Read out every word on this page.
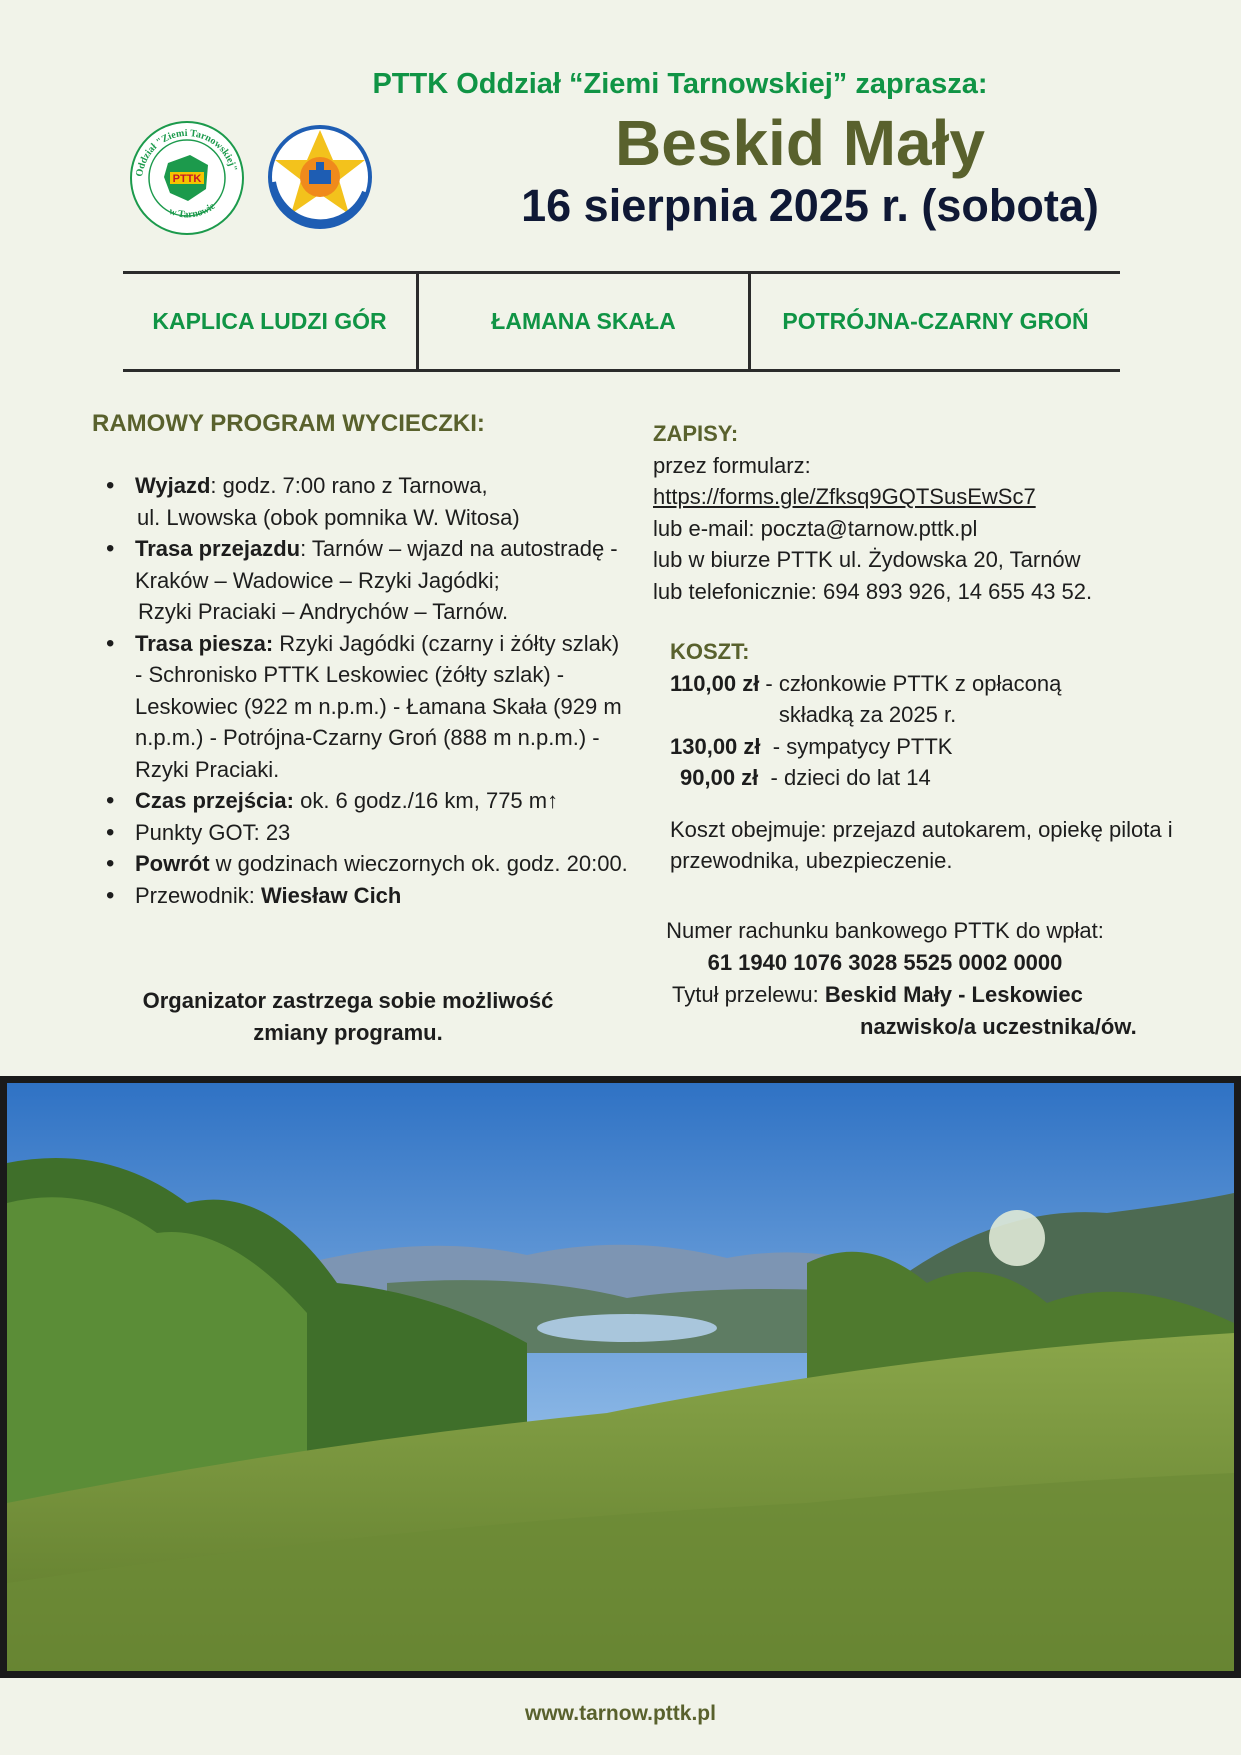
PTTK Oddział “Ziemi Tarnowskiej” zaprasza:
PTTK
Oddział "Ziemi Tarnowskiej"
w Tarnowie
Beskid Mały
16 sierpnia 2025 r. (sobota)
KAPLICA LUDZI GÓR	ŁAMANA SKAŁA	POTRÓJNA-CZARNY GROŃ
RAMOWY PROGRAM WYCIECZKI:
• Wyjazd: godz. 7:00 rano z Tarnowa,
ul. Lwowska (obok pomnika W. Witosa)
• Trasa przejazdu: Tarnów – wjazd na autostradę - Kraków – Wadowice – Rzyki Jagódki;
Rzyki Praciaki – Andrychów – Tarnów.
• Trasa piesza: Rzyki Jagódki (czarny i żółty szlak) - Schronisko PTTK Leskowiec (żółty szlak) - Leskowiec (922 m n.p.m.) - Łamana Skała (929 m n.p.m.) - Potrójna-Czarny Groń (888 m n.p.m.) - Rzyki Praciaki.
• Czas przejścia: ok. 6 godz./16 km, 775 m↑
• Punkty GOT: 23
• Powrót w godzinach wieczornych ok. godz. 20:00.
• Przewodnik: Wiesław Cich
Organizator zastrzega sobie możliwość zmiany programu.
ZAPISY:
przez formularz:
https://forms.gle/Zfksq9GQTSusEwSc7
lub e-mail: poczta@tarnow.pttk.pl
lub w biurze PTTK ul. Żydowska 20, Tarnów
lub telefonicznie: 694 893 926, 14 655 43 52.
KOSZT:
110,00 zł - członkowie PTTK z opłaconą
składką za 2025 r.
130,00 zł - sympatycy PTTK
90,00 zł - dzieci do lat 14
Koszt obejmuje: przejazd autokarem, opiekę pilota i przewodnika, ubezpieczenie.
Numer rachunku bankowego PTTK do wpłat:
61 1940 1076 3028 5525 0002 0000
Tytuł przelewu: Beskid Mały - Leskowiec
nazwisko/a uczestnika/ów.
www.tarnow.pttk.pl
